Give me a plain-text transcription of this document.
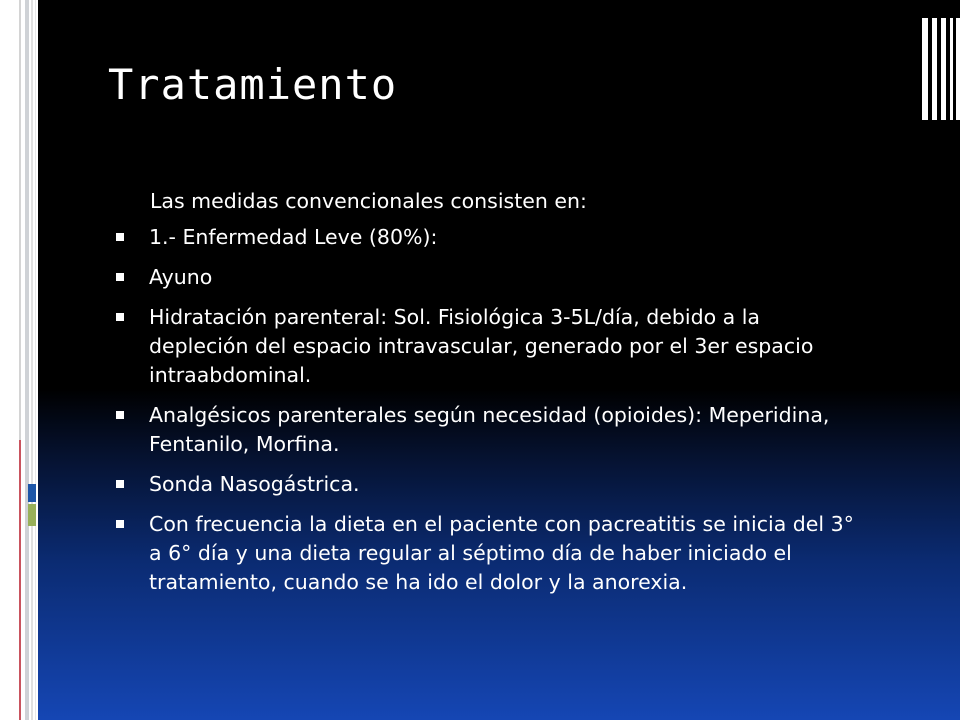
Tratamiento

Las medidas convencionales consisten en:

1.- Enfermedad Leve (80%):
Ayuno
Hidratación parenteral: Sol. Fisiológica 3-5L/día, debido a la depleción del espacio intravascular, generado por el 3er espacio intraabdominal.
Analgésicos parenterales según necesidad (opioides): Meperidina, Fentanilo, Morfina.
Sonda Nasogástrica.
Con frecuencia la dieta en el paciente con pacreatitis se inicia del 3° a 6° día y una dieta regular al séptimo día de haber iniciado el tratamiento, cuando se ha ido el dolor y la anorexia.
